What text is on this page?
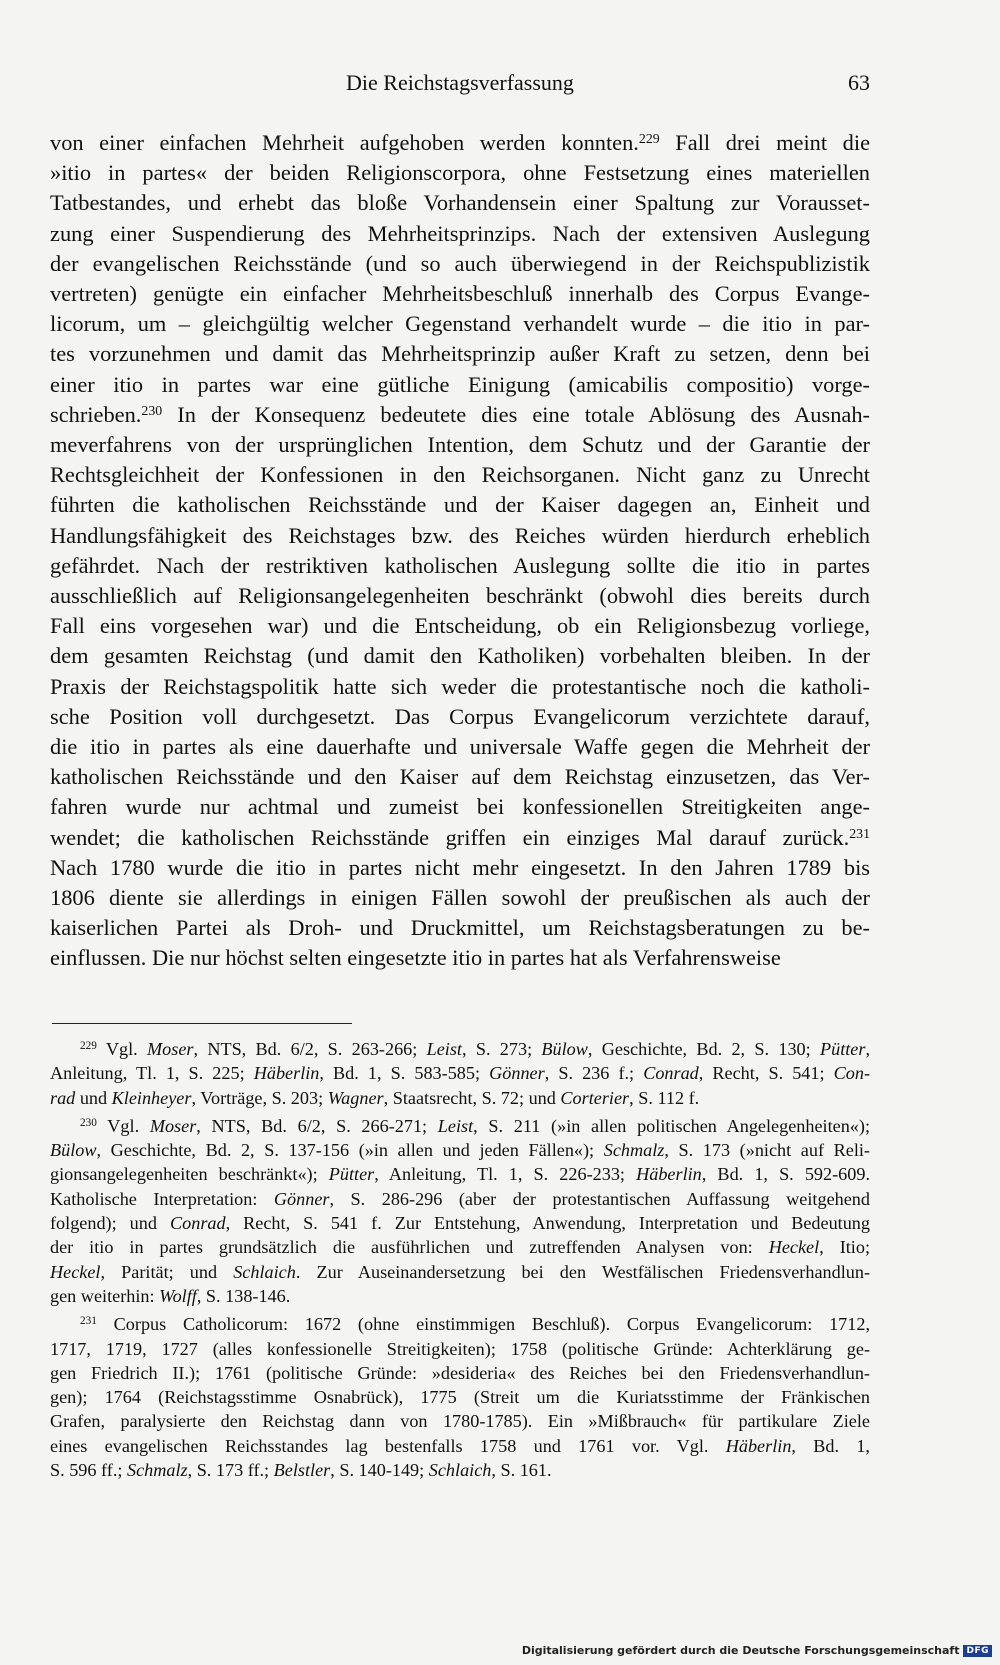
Die Reichstagsverfassung	63
von einer einfachen Mehrheit aufgehoben werden konnten.$^{229}$ Fall drei meint die
»itio in partes« der beiden Religionscorpora, ohne Festsetzung eines materiellen
Tatbestandes, und erhebt das bloße Vorhandensein einer Spaltung zur Vorausset-
zung einer Suspendierung des Mehrheitsprinzips. Nach der extensiven Auslegung
der evangelischen Reichsstände (und so auch überwiegend in der Reichspublizistik
vertreten) genügte ein einfacher Mehrheitsbeschluß innerhalb des Corpus Evange-
licorum, um – gleichgültig welcher Gegenstand verhandelt wurde – die itio in par-
tes vorzunehmen und damit das Mehrheitsprinzip außer Kraft zu setzen, denn bei
einer itio in partes war eine gütliche Einigung (amicabilis compositio) vorge-
schrieben.$^{230}$ In der Konsequenz bedeutete dies eine totale Ablösung des Ausnah-
meverfahrens von der ursprünglichen Intention, dem Schutz und der Garantie der
Rechtsgleichheit der Konfessionen in den Reichsorganen. Nicht ganz zu Unrecht
führten die katholischen Reichsstände und der Kaiser dagegen an, Einheit und
Handlungsfähigkeit des Reichstages bzw. des Reiches würden hierdurch erheblich
gefährdet. Nach der restriktiven katholischen Auslegung sollte die itio in partes
ausschließlich auf Religionsangelegenheiten beschränkt (obwohl dies bereits durch
Fall eins vorgesehen war) und die Entscheidung, ob ein Religionsbezug vorliege,
dem gesamten Reichstag (und damit den Katholiken) vorbehalten bleiben. In der
Praxis der Reichstagspolitik hatte sich weder die protestantische noch die katholi-
sche Position voll durchgesetzt. Das Corpus Evangelicorum verzichtete darauf,
die itio in partes als eine dauerhafte und universale Waffe gegen die Mehrheit der
katholischen Reichsstände und den Kaiser auf dem Reichstag einzusetzen, das Ver-
fahren wurde nur achtmal und zumeist bei konfessionellen Streitigkeiten ange-
wendet; die katholischen Reichsstände griffen ein einziges Mal darauf zurück.$^{231}$
Nach 1780 wurde die itio in partes nicht mehr eingesetzt. In den Jahren 1789 bis
1806 diente sie allerdings in einigen Fällen sowohl der preußischen als auch der
kaiserlichen Partei als Droh- und Druckmittel, um Reichstagsberatungen zu be-
einflussen. Die nur höchst selten eingesetzte itio in partes hat als Verfahrensweise
$^{229}$ Vgl. Moser, NTS, Bd. 6/2, S. 263-266; Leist, S. 273; Bülow, Geschichte, Bd. 2, S. 130; Pütter,
Anleitung, Tl. 1, S. 225; Häberlin, Bd. 1, S. 583-585; Gönner, S. 236 f.; Conrad, Recht, S. 541; Con-
rad und Kleinheyer, Vorträge, S. 203; Wagner, Staatsrecht, S. 72; und Corterier, S. 112 f.
$^{230}$ Vgl. Moser, NTS, Bd. 6/2, S. 266-271; Leist, S. 211 (»in allen politischen Angelegenheiten«);
Bülow, Geschichte, Bd. 2, S. 137-156 (»in allen und jeden Fällen«); Schmalz, S. 173 (»nicht auf Reli-
gionsangelegenheiten beschränkt«); Pütter, Anleitung, Tl. 1, S. 226-233; Häberlin, Bd. 1, S. 592-609.
Katholische Interpretation: Gönner, S. 286-296 (aber der protestantischen Auffassung weitgehend
folgend); und Conrad, Recht, S. 541 f. Zur Entstehung, Anwendung, Interpretation und Bedeutung
der itio in partes grundsätzlich die ausführlichen und zutreffenden Analysen von: Heckel, Itio;
Heckel, Parität; und Schlaich. Zur Auseinandersetzung bei den Westfälischen Friedensverhandlun-
gen weiterhin: Wolff, S. 138-146.
$^{231}$ Corpus Catholicorum: 1672 (ohne einstimmigen Beschluß). Corpus Evangelicorum: 1712,
1717, 1719, 1727 (alles konfessionelle Streitigkeiten); 1758 (politische Gründe: Achterklärung ge-
gen Friedrich II.); 1761 (politische Gründe: »desideria« des Reiches bei den Friedensverhandlun-
gen); 1764 (Reichstagsstimme Osnabrück), 1775 (Streit um die Kuriatsstimme der Fränkischen
Grafen, paralysierte den Reichstag dann von 1780-1785). Ein »Mißbrauch« für partikulare Ziele
eines evangelischen Reichsstandes lag bestenfalls 1758 und 1761 vor. Vgl. Häberlin, Bd. 1,
S. 596 ff.; Schmalz, S. 173 ff.; Belstler, S. 140-149; Schlaich, S. 161.
Digitalisierung gefördert durch die Deutsche Forschungsgemeinschaft DFG
